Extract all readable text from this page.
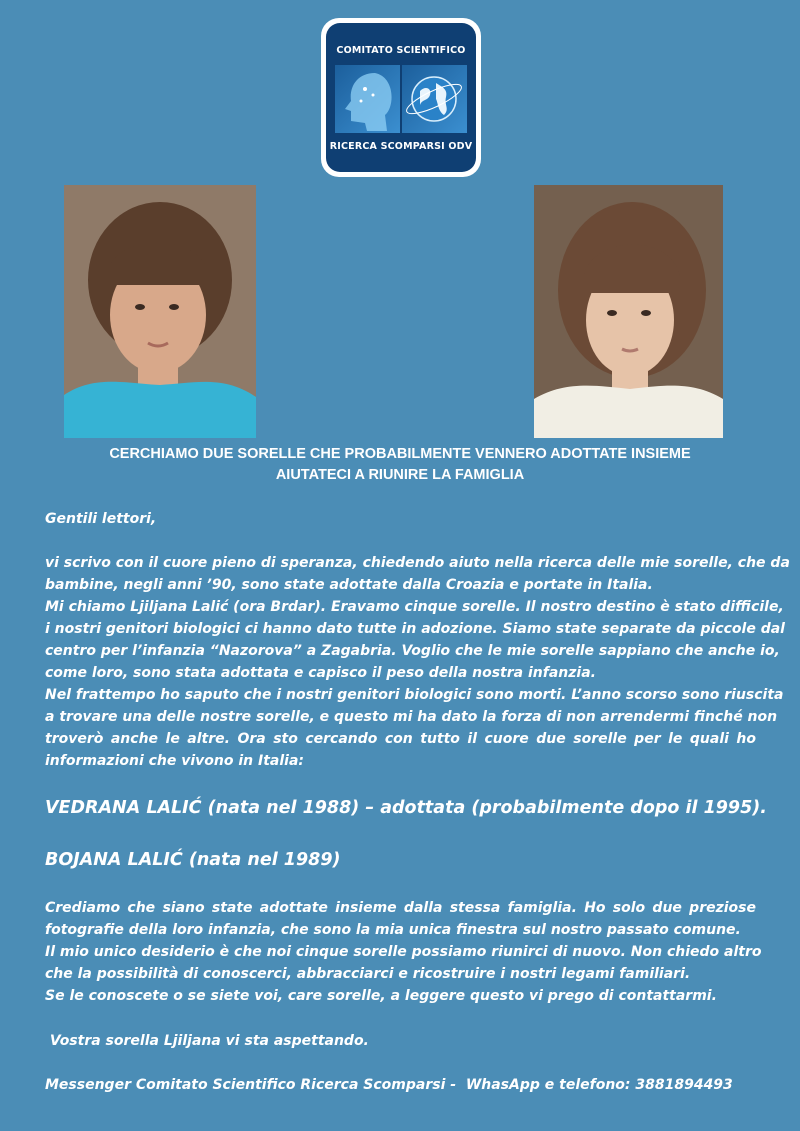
COMITATO SCIENTIFICO
RICERCA SCOMPARSI ODV
CERCHIAMO DUE SORELLE CHE PROBABILMENTE VENNERO ADOTTATE INSIEME
AIUTATECI A RIUNIRE LA FAMIGLIA
Gentili lettori,
vi scrivo con il cuore pieno di speranza, chiedendo aiuto nella ricerca delle mie sorelle, che da
bambine, negli anni ’90, sono state adottate dalla Croazia e portate in Italia.
Mi chiamo Ljiljana Lalić (ora Brdar). Eravamo cinque sorelle. Il nostro destino è stato difficile,
i nostri genitori biologici ci hanno dato tutte in adozione. Siamo state separate da piccole dal
centro per l’infanzia “Nazorova” a Zagabria. Voglio che le mie sorelle sappiano che anche io,
come loro, sono stata adottata e capisco il peso della nostra infanzia.
Nel frattempo ho saputo che i nostri genitori biologici sono morti. L’anno scorso sono riuscita
a trovare una delle nostre sorelle, e questo mi ha dato la forza di non arrendermi finché non
troverò anche le altre. Ora sto cercando con tutto il cuore due sorelle per le quali ho
informazioni che vivono in Italia:
VEDRANA LALIĆ (nata nel 1988) – adottata (probabilmente dopo il 1995).
BOJANA LALIĆ (nata nel 1989)
Crediamo che siano state adottate insieme dalla stessa famiglia. Ho solo due preziose
fotografie della loro infanzia, che sono la mia unica finestra sul nostro passato comune.
Il mio unico desiderio è che noi cinque sorelle possiamo riunirci di nuovo. Non chiedo altro
che la possibilità di conoscerci, abbracciarci e ricostruire i nostri legami familiari.
Se le conoscete o se siete voi, care sorelle, a leggere questo vi prego di contattarmi.
Vostra sorella Ljiljana vi sta aspettando.
Messenger Comitato Scientifico Ricerca Scomparsi -  WhasApp e telefono: 3881894493
